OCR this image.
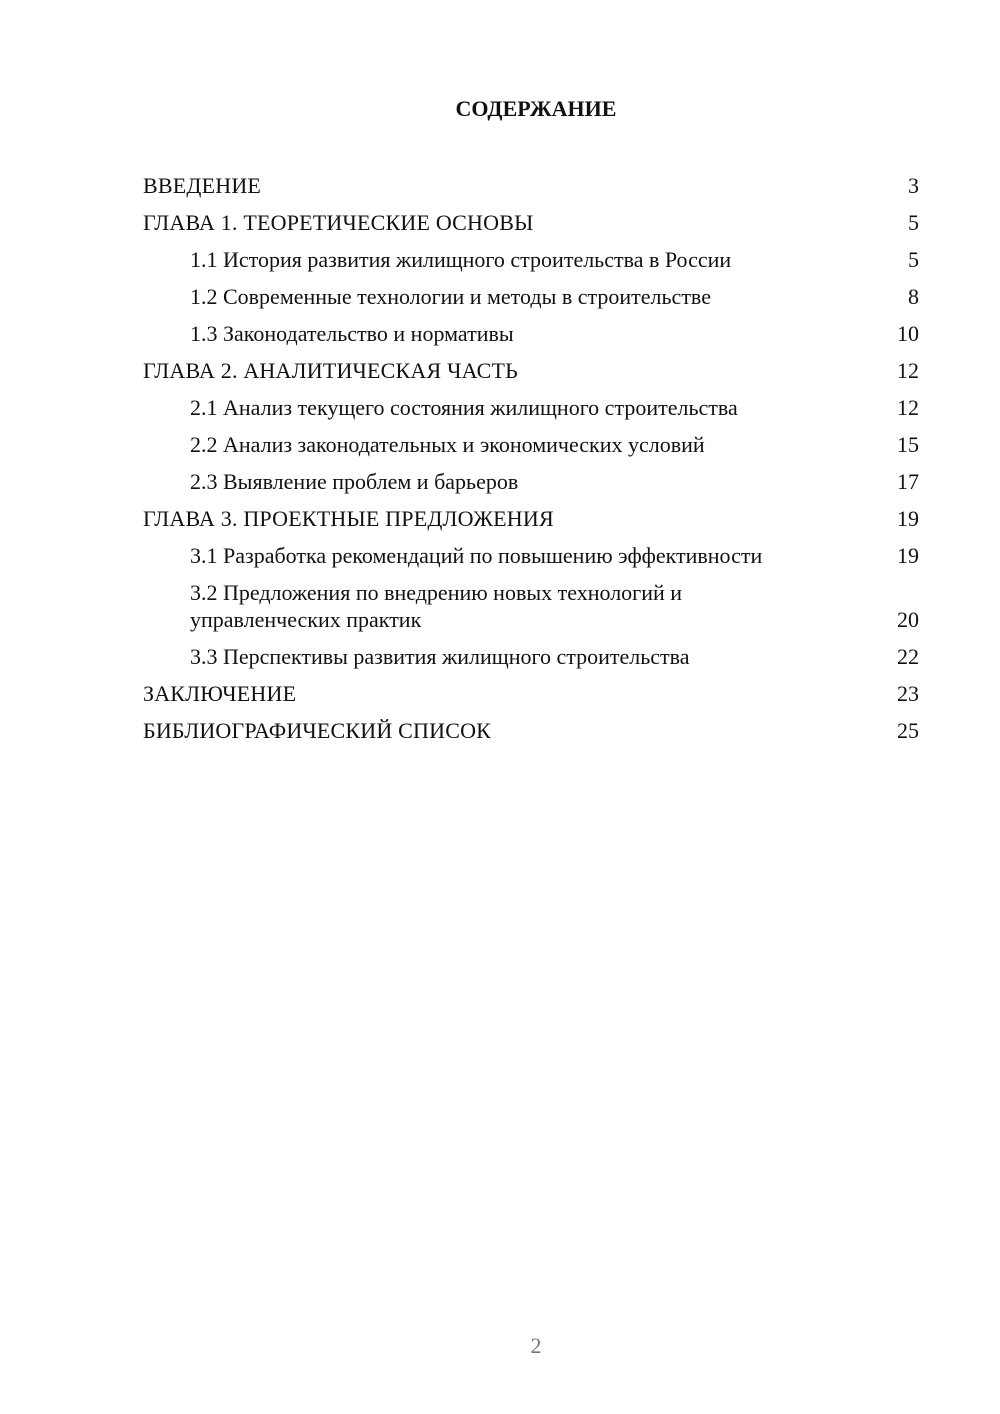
СОДЕРЖАНИЕ
ВВЕДЕНИЕ	3
ГЛАВА 1. ТЕОРЕТИЧЕСКИЕ ОСНОВЫ	5
1.1 История развития жилищного строительства в России	5
1.2 Современные технологии и методы в строительстве	8
1.3 Законодательство и нормативы	10
ГЛАВА 2. АНАЛИТИЧЕСКАЯ ЧАСТЬ	12
2.1 Анализ текущего состояния жилищного строительства	12
2.2 Анализ законодательных и экономических условий	15
2.3 Выявление проблем и барьеров	17
ГЛАВА 3. ПРОЕКТНЫЕ ПРЕДЛОЖЕНИЯ	19
3.1 Разработка рекомендаций по повышению эффективности	19
3.2 Предложения по внедрению новых технологий и управленческих практик	20
3.3 Перспективы развития жилищного строительства	22
ЗАКЛЮЧЕНИЕ	23
БИБЛИОГРАФИЧЕСКИЙ СПИСОК	25
2
